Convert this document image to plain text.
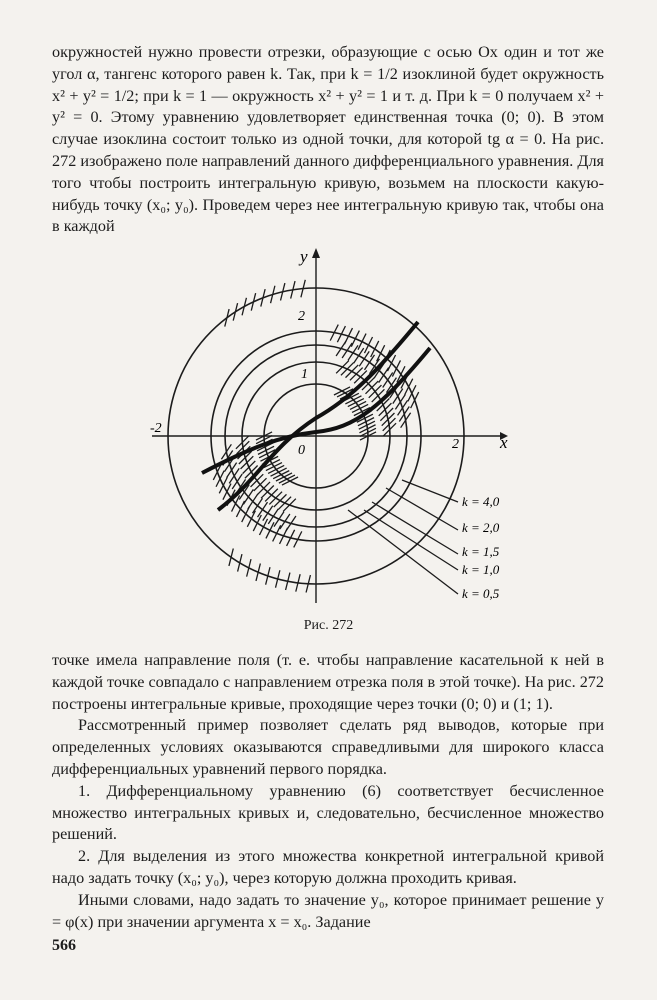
окружностей нужно провести отрезки, образующие с осью Ox один и тот же угол α, тангенс которого равен k. Так, при k = 1/2 изоклиной будет окружность x² + y² = 1/2; при k = 1 — окружность x² + y² = 1 и т. д. При k = 0 получаем x² + y² = 0. Этому уравнению удовлетворяет единственная точка (0; 0). В этом случае изоклина состоит только из одной точки, для которой tg α = 0. На рис. 272 изображено поле направлений данного дифференциального уравнения. Для того чтобы построить интегральную кривую, возьмем на плоскости какую-нибудь точку (x₀; y₀). Проведем через нее интегральную кривую так, чтобы она в каждой

y
x
2
1
2
-2
0
k = 4,0
k = 2,0
k = 1,5
k = 1,0
k = 0,5
Рис. 272

точке имела направление поля (т. е. чтобы направление касательной к ней в каждой точке совпадало с направлением отрезка поля в этой точке). На рис. 272 построены интегральные кривые, проходящие через точки (0; 0) и (1; 1).

Рассмотренный пример позволяет сделать ряд выводов, которые при определенных условиях оказываются справедливыми для широкого класса дифференциальных уравнений первого порядка.

1. Дифференциальному уравнению (6) соответствует бесчисленное множество интегральных кривых и, следовательно, бесчисленное множество решений.

2. Для выделения из этого множества конкретной интегральной кривой надо задать точку (x₀; y₀), через которую должна проходить кривая.

Иными словами, надо задать то значение y₀, которое принимает решение y = φ(x) при значении аргумента x = x₀. Задание

566
